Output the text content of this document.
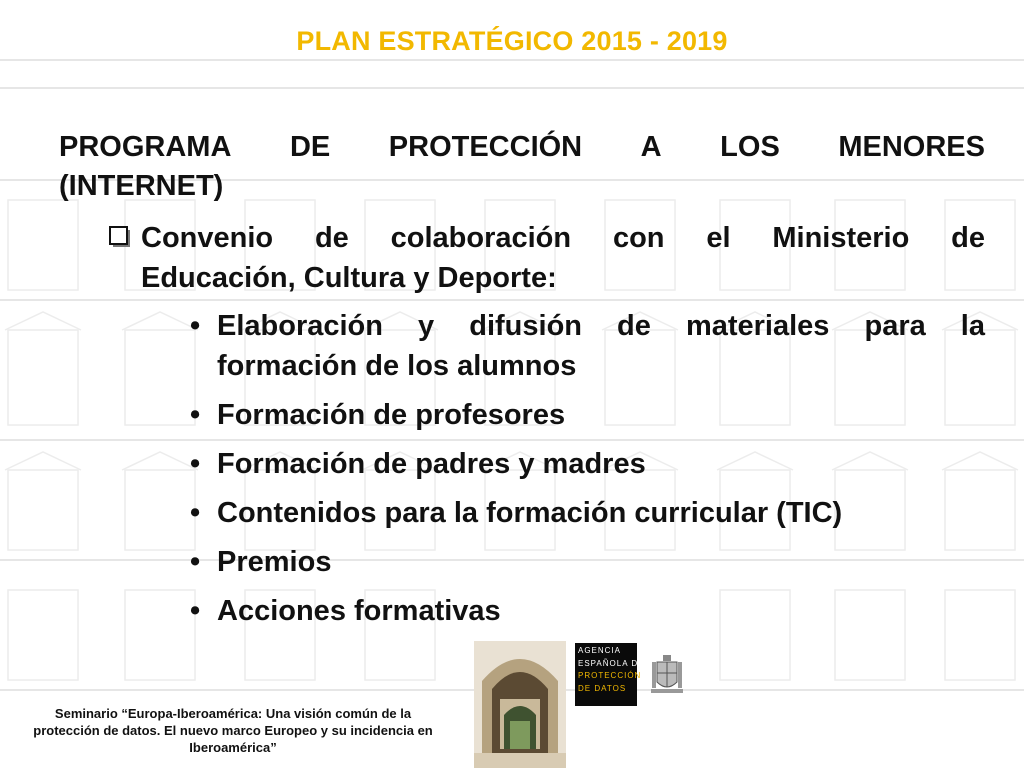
PLAN ESTRATÉGICO 2015 - 2019
PROGRAMA DE PROTECCIÓN A LOS MENORES
(INTERNET)
Convenio de colaboración con el Ministerio de
Educación, Cultura y Deporte:
• Elaboración y difusión de materiales para la
formación de los alumnos
• Formación de profesores
• Formación de padres y madres
• Contenidos para la formación curricular (TIC)
• Premios
• Acciones formativas
Seminario “Europa-Iberoamérica: Una visión común de la
protección de datos. El nuevo marco Europeo y su incidencia en
Iberoamérica”
AGENCIA
ESPAÑOLA DE
PROTECCIÓN
DE DATOS
